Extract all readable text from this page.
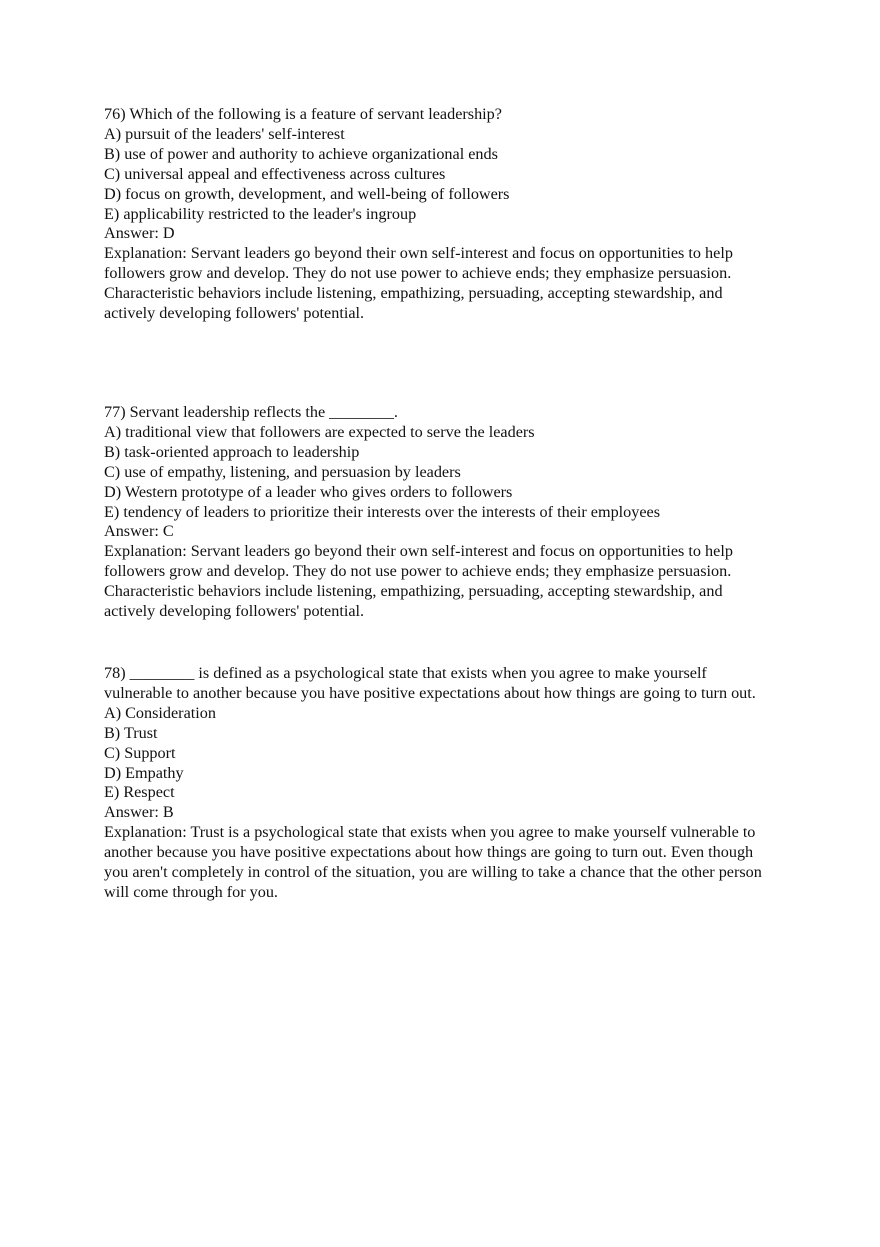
76) Which of the following is a feature of servant leadership?
A) pursuit of the leaders' self-interest
B) use of power and authority to achieve organizational ends
C) universal appeal and effectiveness across cultures
D) focus on growth, development, and well-being of followers
E) applicability restricted to the leader's ingroup
Answer: D
Explanation: Servant leaders go beyond their own self-interest and focus on opportunities to help followers grow and develop. They do not use power to achieve ends; they emphasize persuasion. Characteristic behaviors include listening, empathizing, persuading, accepting stewardship, and actively developing followers' potential.
77) Servant leadership reflects the ________.
A) traditional view that followers are expected to serve the leaders
B) task-oriented approach to leadership
C) use of empathy, listening, and persuasion by leaders
D) Western prototype of a leader who gives orders to followers
E) tendency of leaders to prioritize their interests over the interests of their employees
Answer: C
Explanation: Servant leaders go beyond their own self-interest and focus on opportunities to help followers grow and develop. They do not use power to achieve ends; they emphasize persuasion. Characteristic behaviors include listening, empathizing, persuading, accepting stewardship, and actively developing followers' potential.
78) ________ is defined as a psychological state that exists when you agree to make yourself vulnerable to another because you have positive expectations about how things are going to turn out.
A) Consideration
B) Trust
C) Support
D) Empathy
E) Respect
Answer: B
Explanation: Trust is a psychological state that exists when you agree to make yourself vulnerable to another because you have positive expectations about how things are going to turn out. Even though you aren't completely in control of the situation, you are willing to take a chance that the other person will come through for you.
